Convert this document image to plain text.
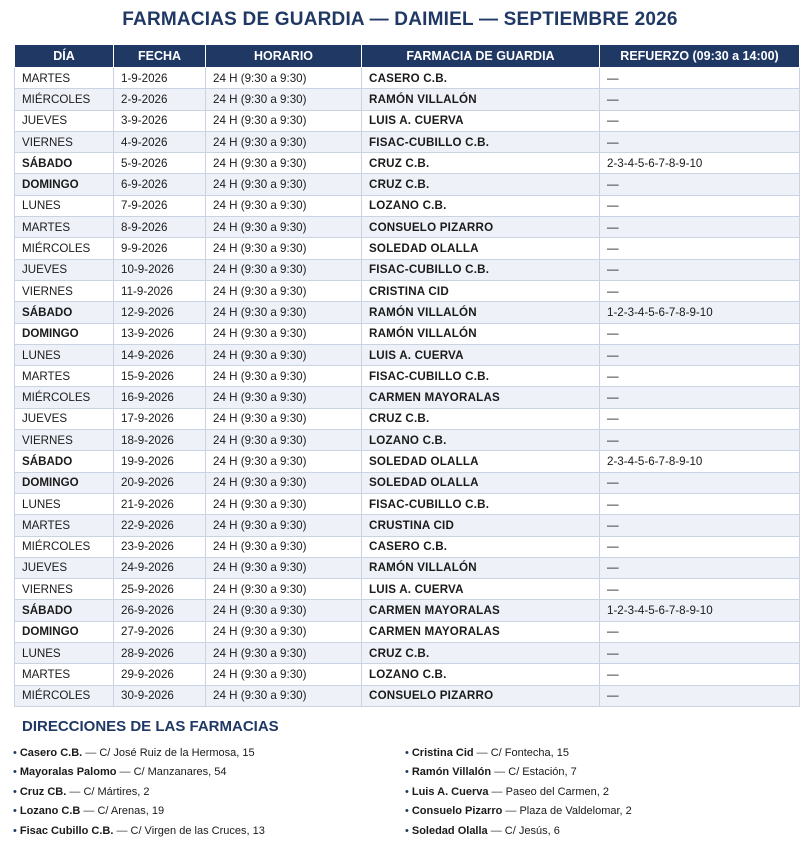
FARMACIAS DE GUARDIA — DAIMIEL — SEPTIEMBRE 2026
DÍA	FECHA	HORARIO	FARMACIA DE GUARDIA	REFUERZO (09:30 a 14:00)
MARTES	1-9-2026	24 H (9:30 a 9:30)	CASERO C.B.	—
MIÉRCOLES	2-9-2026	24 H (9:30 a 9:30)	RAMÓN VILLALÓN	—
JUEVES	3-9-2026	24 H (9:30 a 9:30)	LUIS A. CUERVA	—
VIERNES	4-9-2026	24 H (9:30 a 9:30)	FISAC-CUBILLO C.B.	—
SÁBADO	5-9-2026	24 H (9:30 a 9:30)	CRUZ C.B.	2-3-4-5-6-7-8-9-10
DOMINGO	6-9-2026	24 H (9:30 a 9:30)	CRUZ C.B.	—
LUNES	7-9-2026	24 H (9:30 a 9:30)	LOZANO C.B.	—
MARTES	8-9-2026	24 H (9:30 a 9:30)	CONSUELO PIZARRO	—
MIÉRCOLES	9-9-2026	24 H (9:30 a 9:30)	SOLEDAD OLALLA	—
JUEVES	10-9-2026	24 H (9:30 a 9:30)	FISAC-CUBILLO C.B.	—
VIERNES	11-9-2026	24 H (9:30 a 9:30)	CRISTINA CID	—
SÁBADO	12-9-2026	24 H (9:30 a 9:30)	RAMÓN VILLALÓN	1-2-3-4-5-6-7-8-9-10
DOMINGO	13-9-2026	24 H (9:30 a 9:30)	RAMÓN VILLALÓN	—
LUNES	14-9-2026	24 H (9:30 a 9:30)	LUIS A. CUERVA	—
MARTES	15-9-2026	24 H (9:30 a 9:30)	FISAC-CUBILLO C.B.	—
MIÉRCOLES	16-9-2026	24 H (9:30 a 9:30)	CARMEN MAYORALAS	—
JUEVES	17-9-2026	24 H (9:30 a 9:30)	CRUZ C.B.	—
VIERNES	18-9-2026	24 H (9:30 a 9:30)	LOZANO C.B.	—
SÁBADO	19-9-2026	24 H (9:30 a 9:30)	SOLEDAD OLALLA	2-3-4-5-6-7-8-9-10
DOMINGO	20-9-2026	24 H (9:30 a 9:30)	SOLEDAD OLALLA	—
LUNES	21-9-2026	24 H (9:30 a 9:30)	FISAC-CUBILLO C.B.	—
MARTES	22-9-2026	24 H (9:30 a 9:30)	CRUSTINA CID	—
MIÉRCOLES	23-9-2026	24 H (9:30 a 9:30)	CASERO C.B.	—
JUEVES	24-9-2026	24 H (9:30 a 9:30)	RAMÓN VILLALÓN	—
VIERNES	25-9-2026	24 H (9:30 a 9:30)	LUIS A. CUERVA	—
SÁBADO	26-9-2026	24 H (9:30 a 9:30)	CARMEN MAYORALAS	1-2-3-4-5-6-7-8-9-10
DOMINGO	27-9-2026	24 H (9:30 a 9:30)	CARMEN MAYORALAS	—
LUNES	28-9-2026	24 H (9:30 a 9:30)	CRUZ C.B.	—
MARTES	29-9-2026	24 H (9:30 a 9:30)	LOZANO C.B.	—
MIÉRCOLES	30-9-2026	24 H (9:30 a 9:30)	CONSUELO PIZARRO	—
DIRECCIONES DE LAS FARMACIAS
• Casero C.B. — C/ José Ruiz de la Hermosa, 15
• Mayoralas Palomo — C/ Manzanares, 54
• Cruz CB. — C/ Mártires, 2
• Lozano C.B — C/ Arenas, 19
• Fisac Cubillo C.B. — C/ Virgen de las Cruces, 13
• Cristina Cid — C/ Fontecha, 15
• Ramón Villalón — C/ Estación, 7
• Luis A. Cuerva — Paseo del Carmen, 2
• Consuelo Pizarro — Plaza de Valdelomar, 2
• Soledad Olalla — C/ Jesús, 6
